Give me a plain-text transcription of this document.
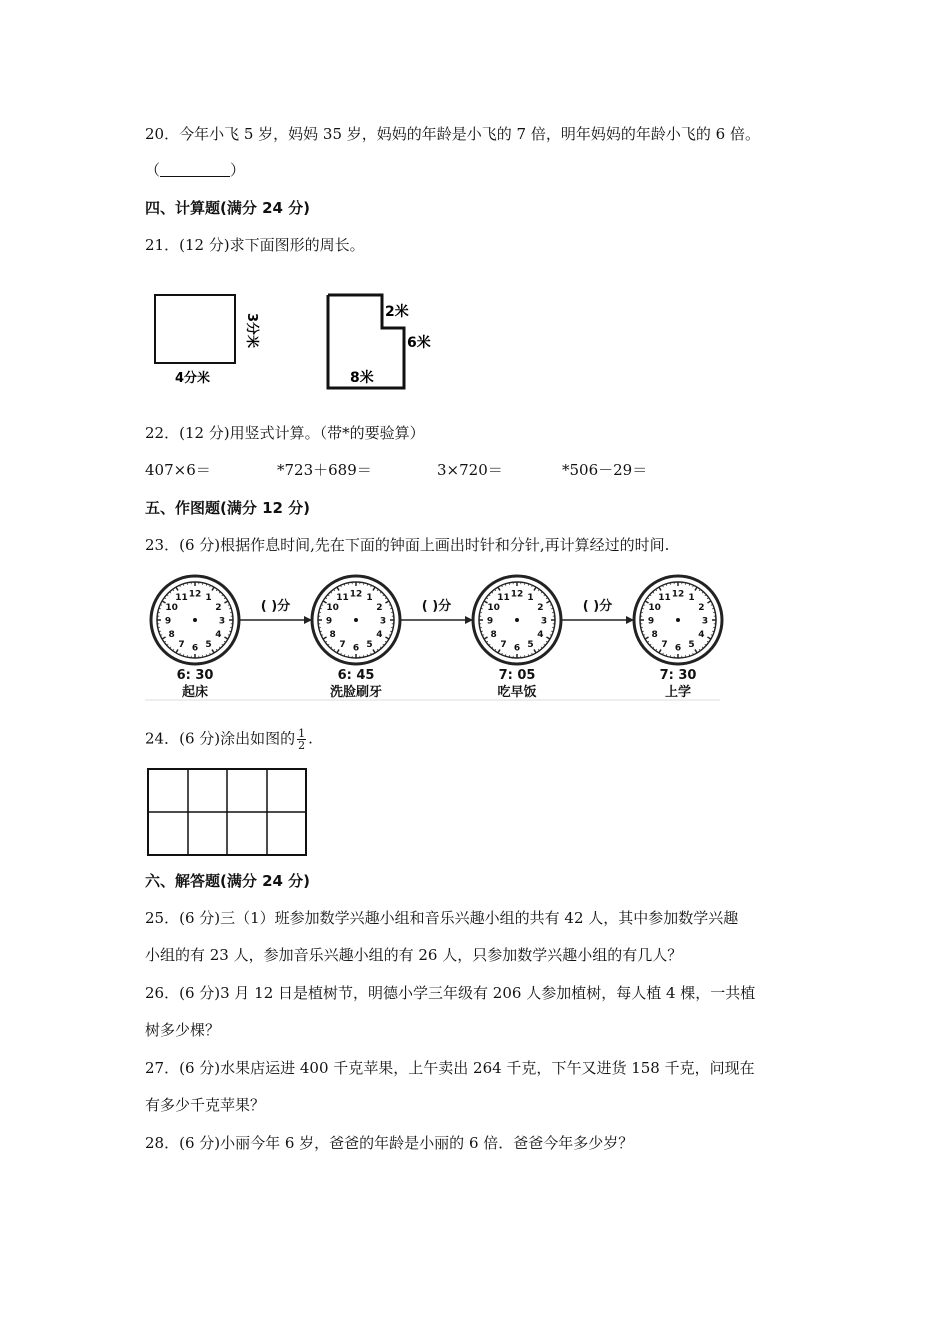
20．今年小飞 5 岁，妈妈 35 岁，妈妈的年龄是小飞的 7 倍，明年妈妈的年龄小飞的 6 倍。
（	）
四、计算题(满分 24 分)
21．(12 分)求下面图形的周长。
4分米
3分米
2米
6米
8米
22．(12 分)用竖式计算。（带*的要验算）
407×6＝	*723＋689＝	3×720＝	*506－29＝
五、作图题(满分 12 分)
23．(6 分)根据作息时间,先在下面的钟面上画出时针和分针,再计算经过的时间.
12 1
2
3
4
5
6
7
8
9
10
11
6: 30
起床
12 1
2
3
4
5
6
7
8
9
10
11
6: 45
洗脸刷牙
12 1
2
3
4
5
6
7
8
9
10
11
7: 05
吃早饭
12 1
2
3
4
5
6
7
8
9
10
11
7: 30
上学
( )分	( )分	( )分
24．(6 分)涂出如图的 $\frac{1}{2}$ .
六、解答题(满分 24 分)
25．(6 分)三（1）班参加数学兴趣小组和音乐兴趣小组的共有 42 人，其中参加数学兴趣
小组的有 23 人，参加音乐兴趣小组的有 26 人，只参加数学兴趣小组的有几人？
26．(6 分)3 月 12 日是植树节，明德小学三年级有 206 人参加植树，每人植 4 棵，一共植
树多少棵？
27．(6 分)水果店运进 400 千克苹果，上午卖出 264 千克，下午又进货 158 千克，问现在
有多少千克苹果？
28．(6 分)小丽今年 6 岁，爸爸的年龄是小丽的 6 倍．爸爸今年多少岁？
